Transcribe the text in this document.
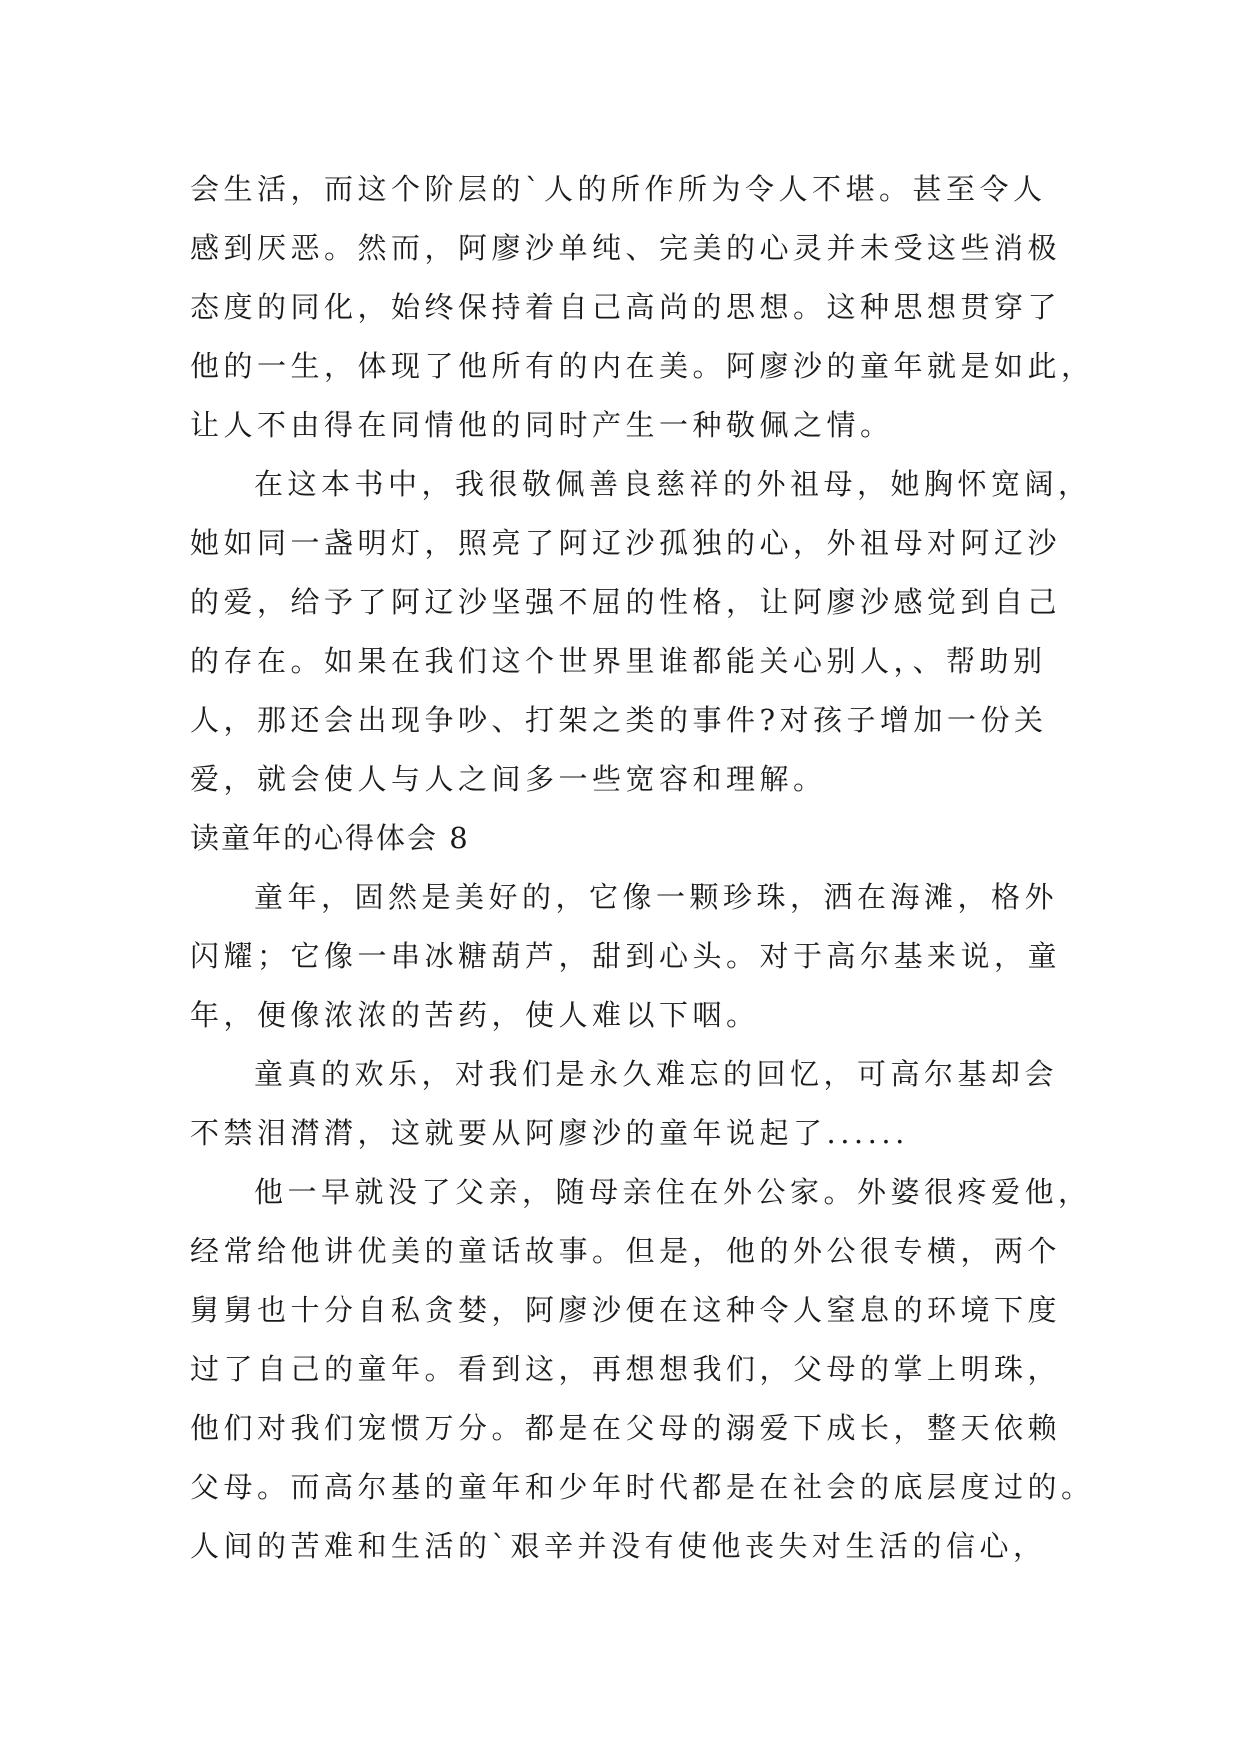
会生活，而这个阶层的`人的所作所为令人不堪。甚至令人
感到厌恶。然而，阿廖沙单纯、完美的心灵并未受这些消极
态度的同化，始终保持着自己高尚的思想。这种思想贯穿了
他的一生，体现了他所有的内在美。阿廖沙的童年就是如此，
让人不由得在同情他的同时产生一种敬佩之情。
在这本书中，我很敬佩善良慈祥的外祖母，她胸怀宽阔，
她如同一盏明灯，照亮了阿辽沙孤独的心，外祖母对阿辽沙
的爱，给予了阿辽沙坚强不屈的性格，让阿廖沙感觉到自己
的存在。如果在我们这个世界里谁都能关心别人，、帮助别
人，那还会出现争吵、打架之类的事件?对孩子增加一份关
爱，就会使人与人之间多一些宽容和理解。
读童年的心得体会 8
童年，固然是美好的，它像一颗珍珠，洒在海滩，格外
闪耀；它像一串冰糖葫芦，甜到心头。对于高尔基来说，童
年，便像浓浓的苦药，使人难以下咽。
童真的欢乐，对我们是永久难忘的回忆，可高尔基却会
不禁泪潸潸，这就要从阿廖沙的童年说起了......
他一早就没了父亲，随母亲住在外公家。外婆很疼爱他，
经常给他讲优美的童话故事。但是，他的外公很专横，两个
舅舅也十分自私贪婪，阿廖沙便在这种令人窒息的环境下度
过了自己的童年。看到这，再想想我们，父母的掌上明珠，
他们对我们宠惯万分。都是在父母的溺爱下成长，整天依赖
父母。而高尔基的童年和少年时代都是在社会的底层度过的。
人间的苦难和生活的`艰辛并没有使他丧失对生活的信心，
